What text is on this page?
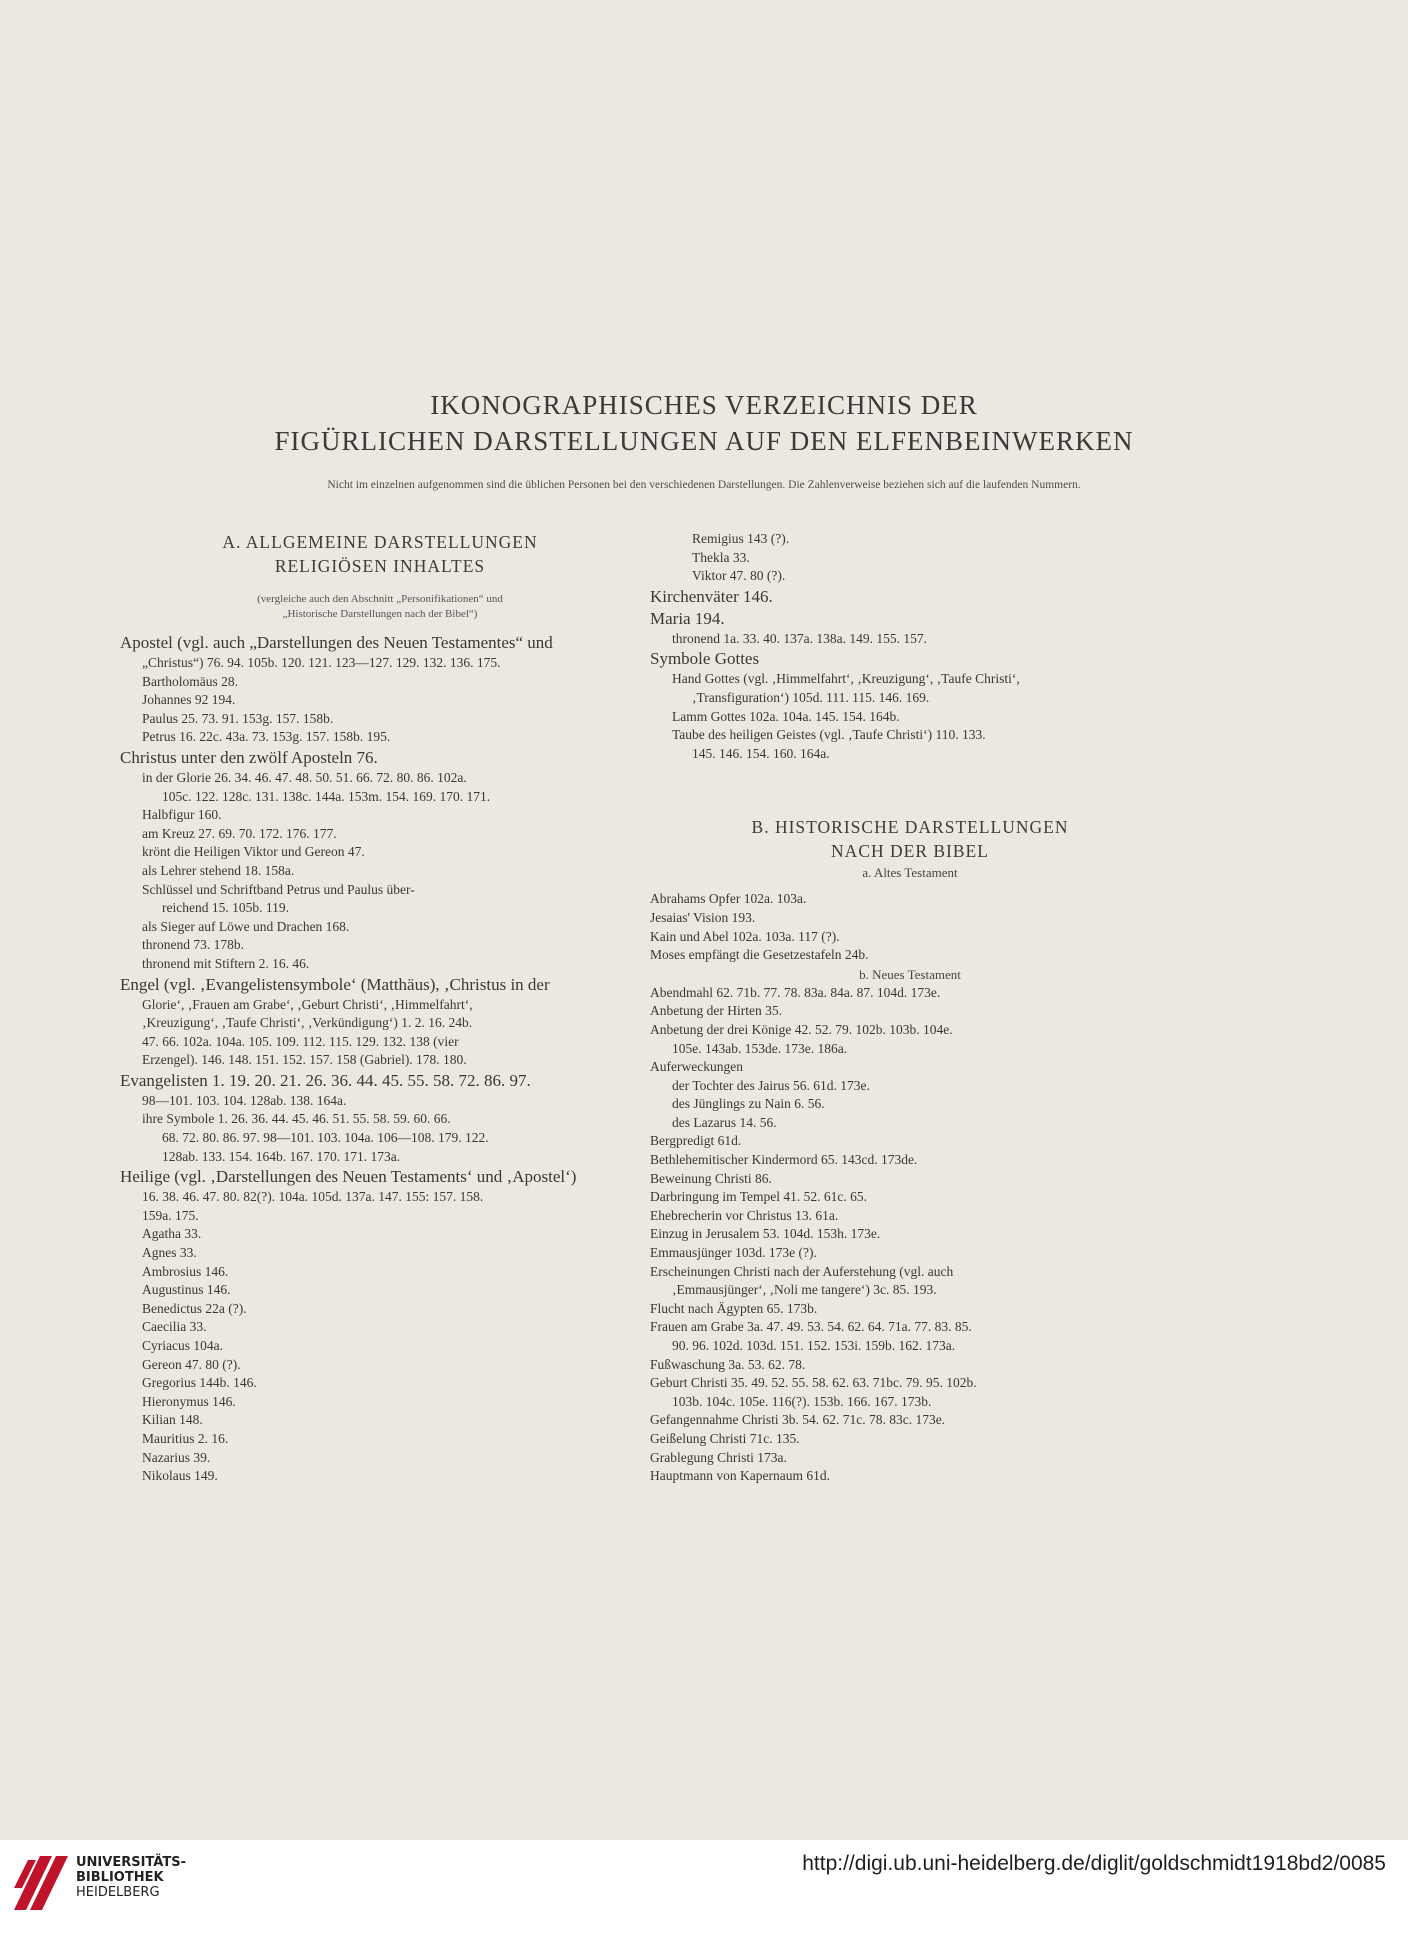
IKONOGRAPHISCHES VERZEICHNIS DER
FIGÜRLICHEN DARSTELLUNGEN AUF DEN ELFENBEINWERKEN
Nicht im einzelnen aufgenommen sind die üblichen Personen bei den verschiedenen Darstellungen. Die Zahlenverweise beziehen sich auf die laufenden Nummern.
A. ALLGEMEINE DARSTELLUNGEN
RELIGIÖSEN INHALTES
(vergleiche auch den Abschnitt „Personifikationen“ und
„Historische Darstellungen nach der Bibel“)
Apostel (vgl. auch „Darstellungen des Neuen Testamentes“ und
„Christus“) 76. 94. 105b. 120. 121. 123—127. 129. 132. 136. 175.
Bartholomäus 28.
Johannes 92 194.
Paulus 25. 73. 91. 153g. 157. 158b.
Petrus 16. 22c. 43a. 73. 153g. 157. 158b. 195.
Christus unter den zwölf Aposteln 76.
in der Glorie 26. 34. 46. 47. 48. 50. 51. 66. 72. 80. 86. 102a.
105c. 122. 128c. 131. 138c. 144a. 153m. 154. 169. 170. 171.
Halbfigur 160.
am Kreuz 27. 69. 70. 172. 176. 177.
krönt die Heiligen Viktor und Gereon 47.
als Lehrer stehend 18. 158a.
Schlüssel und Schriftband Petrus und Paulus über-
reichend 15. 105b. 119.
als Sieger auf Löwe und Drachen 168.
thronend 73. 178b.
thronend mit Stiftern 2. 16. 46.
Engel (vgl. ‚Evangelistensymbole‘ (Matthäus), ‚Christus in der
Glorie‘, ‚Frauen am Grabe‘, ‚Geburt Christi‘, ‚Himmelfahrt‘,
‚Kreuzigung‘, ‚Taufe Christi‘, ‚Verkündigung‘) 1. 2. 16. 24b.
47. 66. 102a. 104a. 105. 109. 112. 115. 129. 132. 138 (vier
Erzengel). 146. 148. 151. 152. 157. 158 (Gabriel). 178. 180.
Evangelisten 1. 19. 20. 21. 26. 36. 44. 45. 55. 58. 72. 86. 97.
98—101. 103. 104. 128ab. 138. 164a.
ihre Symbole 1. 26. 36. 44. 45. 46. 51. 55. 58. 59. 60. 66.
68. 72. 80. 86. 97. 98—101. 103. 104a. 106—108. 179. 122.
128ab. 133. 154. 164b. 167. 170. 171. 173a.
Heilige (vgl. ‚Darstellungen des Neuen Testaments‘ und ‚Apostel‘)
16. 38. 46. 47. 80. 82(?). 104a. 105d. 137a. 147. 155: 157. 158.
159a. 175.
Agatha 33.
Agnes 33.
Ambrosius 146.
Augustinus 146.
Benedictus 22a (?).
Caecilia 33.
Cyriacus 104a.
Gereon 47. 80 (?).
Gregorius 144b. 146.
Hieronymus 146.
Kilian 148.
Mauritius 2. 16.
Nazarius 39.
Nikolaus 149.
Remigius 143 (?).
Thekla 33.
Viktor 47. 80 (?).
Kirchenväter 146.
Maria 194.
thronend 1a. 33. 40. 137a. 138a. 149. 155. 157.
Symbole Gottes
Hand Gottes (vgl. ‚Himmelfahrt‘, ‚Kreuzigung‘, ‚Taufe Christi‘,
‚Transfiguration‘) 105d. 111. 115. 146. 169.
Lamm Gottes 102a. 104a. 145. 154. 164b.
Taube des heiligen Geistes (vgl. ‚Taufe Christi‘) 110. 133.
145. 146. 154. 160. 164a.
B. HISTORISCHE DARSTELLUNGEN
NACH DER BIBEL
a. Altes Testament
Abrahams Opfer 102a. 103a.
Jesaias' Vision 193.
Kain und Abel 102a. 103a. 117 (?).
Moses empfängt die Gesetzestafeln 24b.
b. Neues Testament
Abendmahl 62. 71b. 77. 78. 83a. 84a. 87. 104d. 173e.
Anbetung der Hirten 35.
Anbetung der drei Könige 42. 52. 79. 102b. 103b. 104e.
105e. 143ab. 153de. 173e. 186a.
Auferweckungen
der Tochter des Jairus 56. 61d. 173e.
des Jünglings zu Nain 6. 56.
des Lazarus 14. 56.
Bergpredigt 61d.
Bethlehemitischer Kindermord 65. 143cd. 173de.
Beweinung Christi 86.
Darbringung im Tempel 41. 52. 61c. 65.
Ehebrecherin vor Christus 13. 61a.
Einzug in Jerusalem 53. 104d. 153h. 173e.
Emmausjünger 103d. 173e (?).
Erscheinungen Christi nach der Auferstehung (vgl. auch
‚Emmausjünger‘, ‚Noli me tangere‘) 3c. 85. 193.
Flucht nach Ägypten 65. 173b.
Frauen am Grabe 3a. 47. 49. 53. 54. 62. 64. 71a. 77. 83. 85.
90. 96. 102d. 103d. 151. 152. 153i. 159b. 162. 173a.
Fußwaschung 3a. 53. 62. 78.
Geburt Christi 35. 49. 52. 55. 58. 62. 63. 71bc. 79. 95. 102b.
103b. 104c. 105e. 116(?). 153b. 166. 167. 173b.
Gefangennahme Christi 3b. 54. 62. 71c. 78. 83c. 173e.
Geißelung Christi 71c. 135.
Grablegung Christi 173a.
Hauptmann von Kapernaum 61d.
UNIVERSITÄTS-
BIBLIOTHEK
HEIDELBERG
http://digi.ub.uni-heidelberg.de/diglit/goldschmidt1918bd2/0085
